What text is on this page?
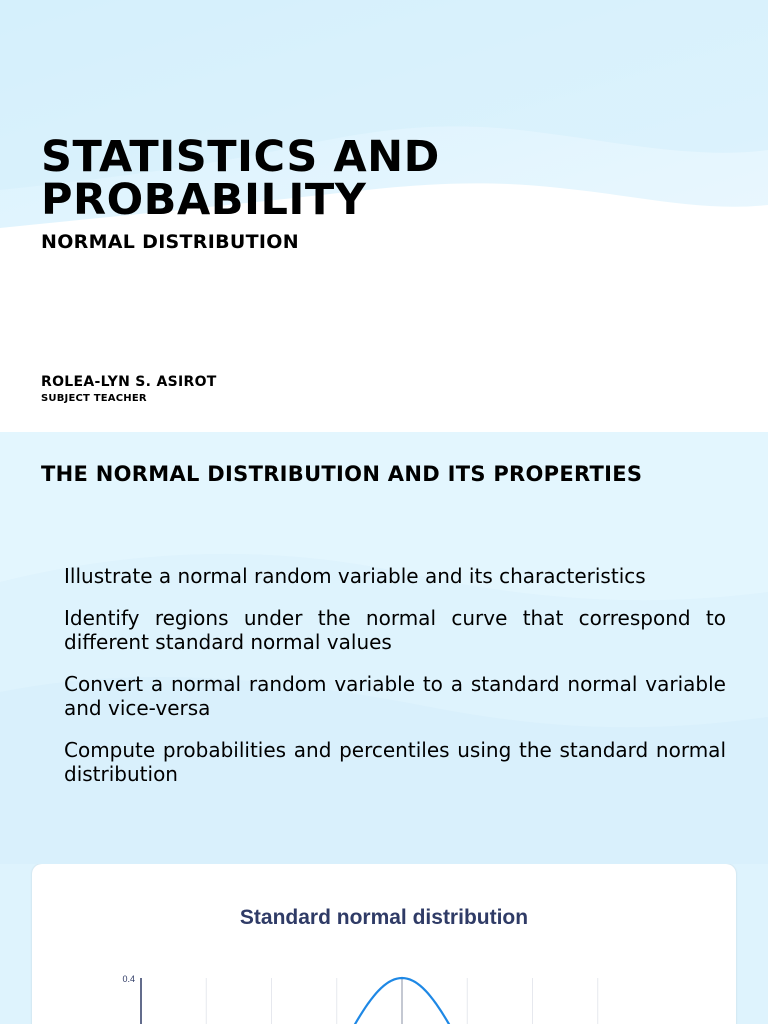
STATISTICS AND PROBABILITY
NORMAL DISTRIBUTION
ROLEA-LYN S. ASIROT
SUBJECT TEACHER
THE NORMAL DISTRIBUTION AND ITS PROPERTIES
Illustrate a normal random variable and its characteristics
Identify regions under the normal curve that correspond to different standard normal values
Convert a normal random variable to a standard normal variable and vice-versa
Compute probabilities and percentiles using the standard normal distribution
Standard normal distribution
0.4
